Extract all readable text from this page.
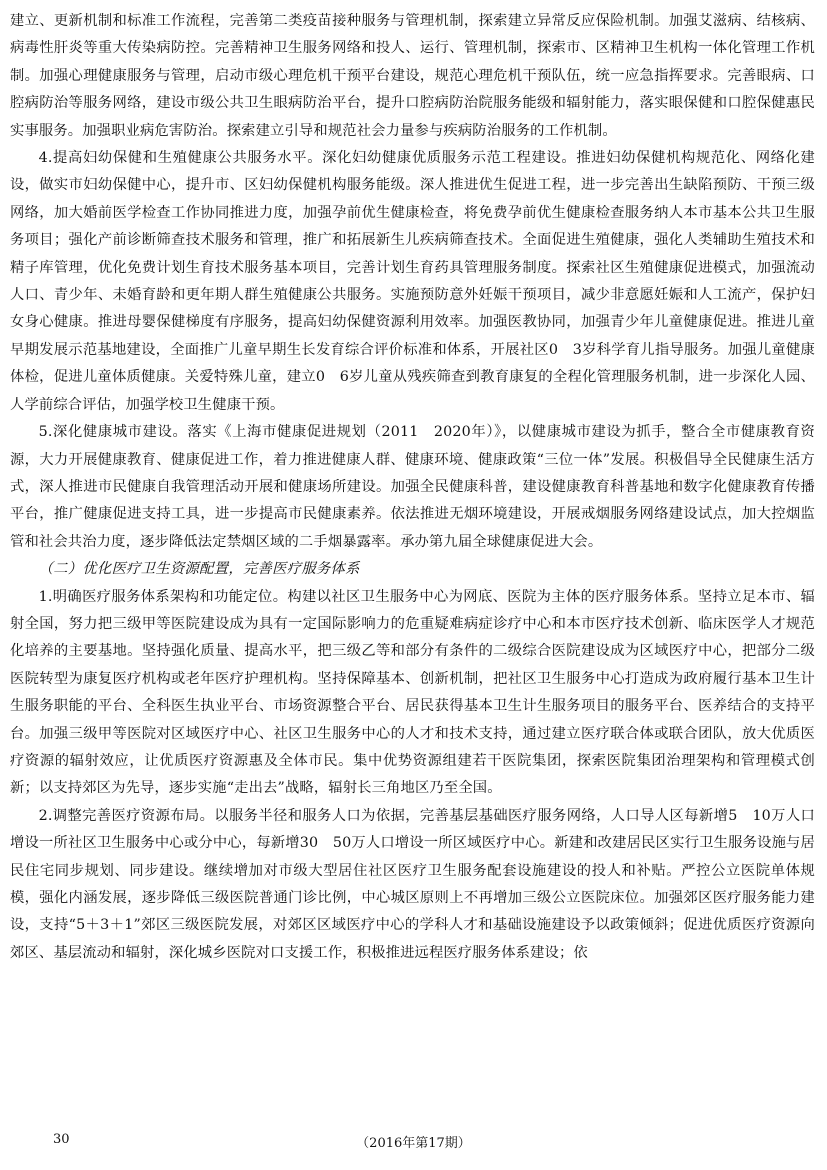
建立、更新机制和标准工作流程，完善第二类疫苗接种服务与管理机制，探索建立异常反应保险机制。加强艾滋病、结核病、病毒性肝炎等重大传染病防控。完善精神卫生服务网络和投人、运行、管理机制，探索市、区精神卫生机构一体化管理工作机制。加强心理健康服务与管理，启动市级心理危机干预平台建设，规范心理危机干预队伍，统一应急指挥要求。完善眼病、口腔病防治等服务网络，建设市级公共卫生眼病防治平台，提升口腔病防治院服务能级和辐射能力，落实眼保健和口腔保健惠民实事服务。加强职业病危害防治。探索建立引导和规范社会力量参与疾病防治服务的工作机制。

4.提高妇幼保健和生殖健康公共服务水平。深化妇幼健康优质服务示范工程建设。推进妇幼保健机构规范化、网络化建设，做实市妇幼保健中心，提升市、区妇幼保健机构服务能级。深人推进优生促进工程，进一步完善出生缺陷预防、干预三级网络，加大婚前医学检查工作协同推进力度，加强孕前优生健康检查，将免费孕前优生健康检查服务纳人本市基本公共卫生服务项目；强化产前诊断筛查技术服务和管理，推广和拓展新生儿疾病筛查技术。全面促进生殖健康，强化人类辅助生殖技术和精子库管理，优化免费计划生育技术服务基本项目，完善计划生育药具管理服务制度。探索社区生殖健康促进模式，加强流动人口、青少年、未婚育龄和更年期人群生殖健康公共服务。实施预防意外妊娠干预项目，减少非意愿妊娠和人工流产，保护妇女身心健康。推进母婴保健梯度有序服务，提高妇幼保健资源利用效率。加强医教协同，加强青少年儿童健康促进。推进儿童早期发展示范基地建设，全面推广儿童早期生长发育综合评价标准和体系，开展社区0　3岁科学育儿指导服务。加强儿童健康体检，促进儿童体质健康。关爱特殊儿童，建立0　6岁儿童从残疾筛查到教育康复的全程化管理服务机制，进一步深化人园、人学前综合评估，加强学校卫生健康干预。

5.深化健康城市建设。落实《上海市健康促进规划（2011　2020年）》，以健康城市建设为抓手，整合全市健康教育资源，大力开展健康教育、健康促进工作，着力推进健康人群、健康环境、健康政策“三位一体”发展。积极倡导全民健康生活方式，深人推进市民健康自我管理活动开展和健康场所建设。加强全民健康科普，建设健康教育科普基地和数字化健康教育传播平台，推广健康促进支持工具，进一步提高市民健康素养。依法推进无烟环境建设，开展戒烟服务网络建设试点，加大控烟监管和社会共治力度，逐步降低法定禁烟区域的二手烟暴露率。承办第九届全球健康促进大会。

（二）优化医疗卫生资源配置，完善医疗服务体系

1.明确医疗服务体系架构和功能定位。构建以社区卫生服务中心为网底、医院为主体的医疗服务体系。坚持立足本市、辐射全国，努力把三级甲等医院建设成为具有一定国际影响力的危重疑难病症诊疗中心和本市医疗技术创新、临床医学人才规范化培养的主要基地。坚持强化质量、提高水平，把三级乙等和部分有条件的二级综合医院建设成为区域医疗中心，把部分二级医院转型为康复医疗机构或老年医疗护理机构。坚持保障基本、创新机制，把社区卫生服务中心打造成为政府履行基本卫生计生服务职能的平台、全科医生执业平台、市场资源整合平台、居民获得基本卫生计生服务项目的服务平台、医养结合的支持平台。加强三级甲等医院对区域医疗中心、社区卫生服务中心的人才和技术支持，通过建立医疗联合体或联合团队，放大优质医疗资源的辐射效应，让优质医疗资源惠及全体市民。集中优势资源组建若干医院集团，探索医院集团治理架构和管理模式创新；以支持郊区为先导，逐步实施“走出去”战略，辐射长三角地区乃至全国。

2.调整完善医疗资源布局。以服务半径和服务人口为依据，完善基层基础医疗服务网络，人口导人区每新增5　10万人口增设一所社区卫生服务中心或分中心，每新增30　50万人口增设一所区域医疗中心。新建和改建居民区实行卫生服务设施与居民住宅同步规划、同步建设。继续增加对市级大型居住社区医疗卫生服务配套设施建设的投人和补贴。严控公立医院单体规模，强化内涵发展，逐步降低三级医院普通门诊比例，中心城区原则上不再增加三级公立医院床位。加强郊区医疗服务能力建设，支持“5＋3＋1”郊区三级医院发展，对郊区区域医疗中心的学科人才和基础设施建设予以政策倾斜；促进优质医疗资源向郊区、基层流动和辐射，深化城乡医院对口支援工作，积极推进远程医疗服务体系建设；依

30	（2016年第17期）
